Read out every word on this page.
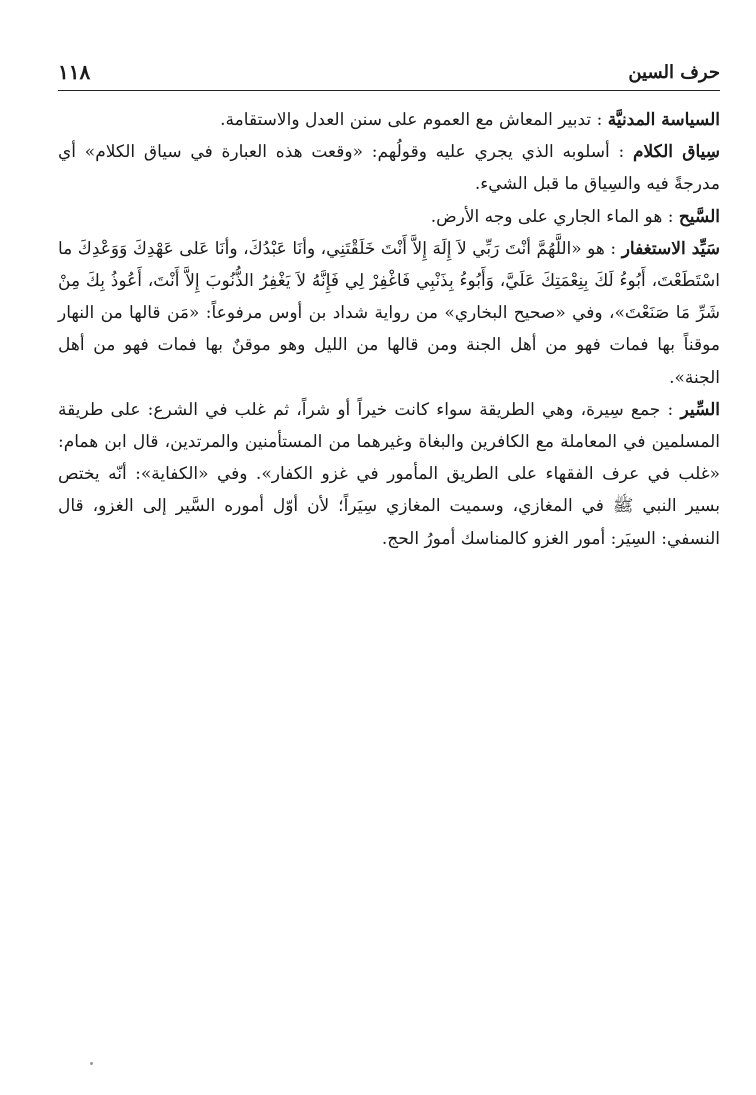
حرف السين
١١٨

السياسة المدنيَّة : تدبير المعاش مع العموم على سنن العدل والاستقامة.

سِياق الكلام : أسلوبه الذي يجري عليه وقولُهم: «وقعت هذه العبارة في سياق الكلام» أي مدرجةً فيه والسِياق ما قبل الشيء.

السَّيح : هو الماء الجاري على وجه الأرض.

سَيِّد الاستغفار : هو «اللَّهُمَّ أنْتَ رَبِّي لاَ إِلَهَ إِلاَّ أَنْتَ خَلَقْتَنِي، وأنَا عَبْدُكَ، وأنَا عَلى عَهْدِكَ وَوَعْدِكَ ما اسْتَطَعْتَ، أَبُوءُ لَكَ بِنِعْمَتِكَ عَلَيَّ، وَأَبُوءُ بِذَنْبِي فَاغْفِرْ لِي فَإِنَّهُ لاَ يَغْفِرُ الذُّنُوبَ إِلاَّ أَنْتَ، أَعُوذُ بِكَ مِنْ شَرِّ مَا صَنَعْتَ»، وفي «صحيح البخاري» من رواية شداد بن أوس مرفوعاً: «مَن قالها من النهار موقناً بها فمات فهو من أهل الجنة ومن قالها من الليل وهو موقنٌ بها فمات فهو من أهل الجنة».

السِّير : جمع سِيرة، وهي الطريقة سواء كانت خيراً أو شراً، ثم غلب في الشرع: على طريقة المسلمين في المعاملة مع الكافرين والبغاة وغيرهما من المستأمنين والمرتدين، قال ابن همام: «غلب في عرف الفقهاء على الطريق المأمور في غزو الكفار». وفي «الكفاية»: أنّه يختص بسير النبي ﷺ في المغازي، وسميت المغازي سِيَراً؛ لأن أوّل أموره السَّير إلى الغزو، قال النسفي: السِيَر: أمور الغزو كالمناسك أمورُ الحج.
